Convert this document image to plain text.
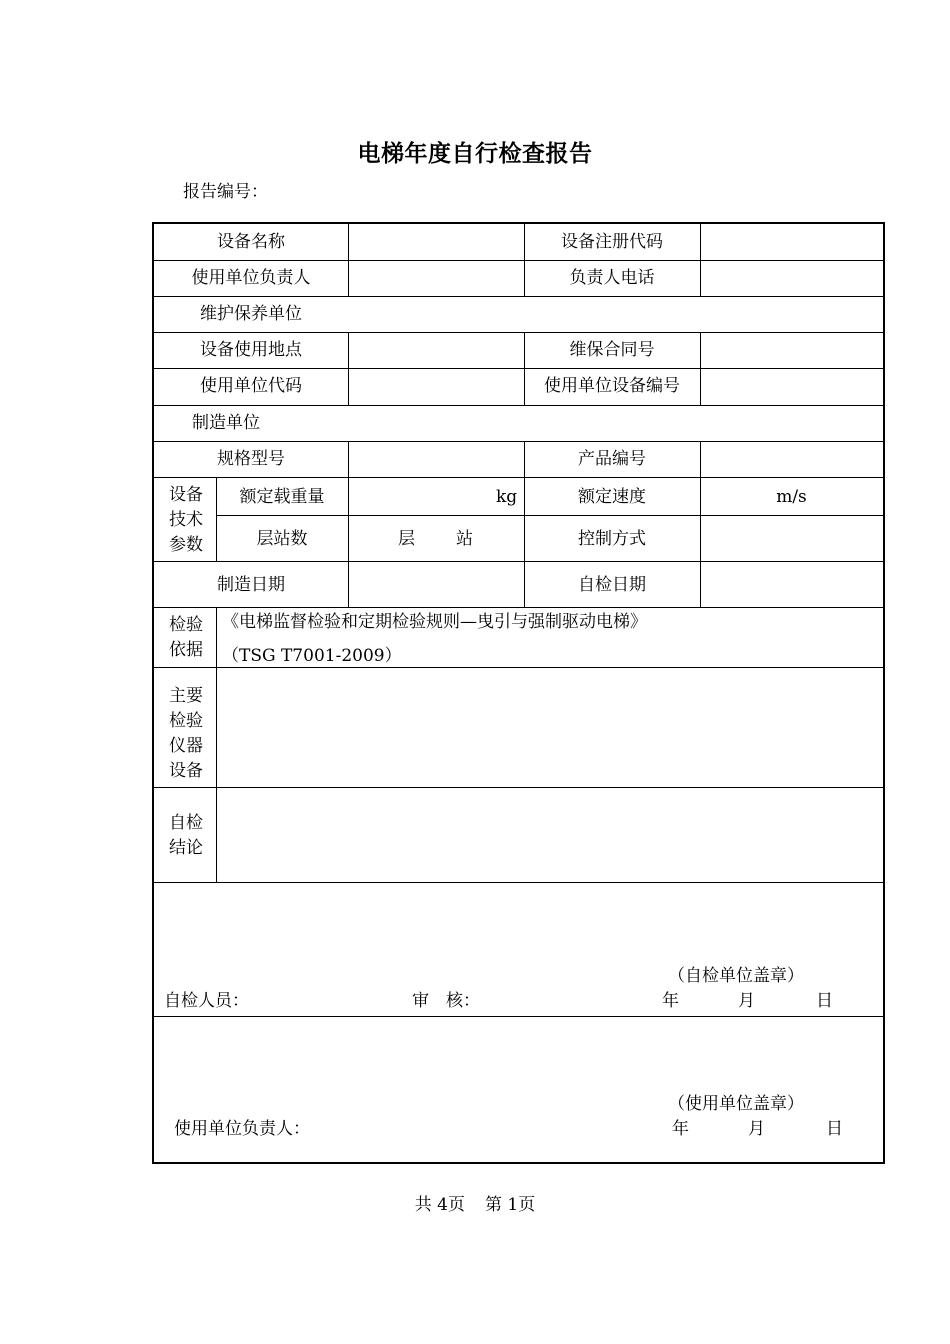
电梯年度自行检查报告
报告编号：
设备名称	设备注册代码
使用单位负责人	负责人电话
维护保养单位
设备使用地点	维保合同号
使用单位代码	使用单位设备编号
制造单位
规格型号	产品编号
设备
技术
参数
额定载重量	kg	额定速度	m/s
层站数	层 站	控制方式
制造日期	自检日期
检验
依据
《电梯监督检验和定期检验规则—曳引与强制驱动电梯》
（TSG T7001-2009）
主要
检验
仪器
设备
自检
结论
（自检单位盖章）
自检人员：	审　核：	年	月	日
（使用单位盖章）
使用单位负责人：	年	月	日
共 4页 第 1页
